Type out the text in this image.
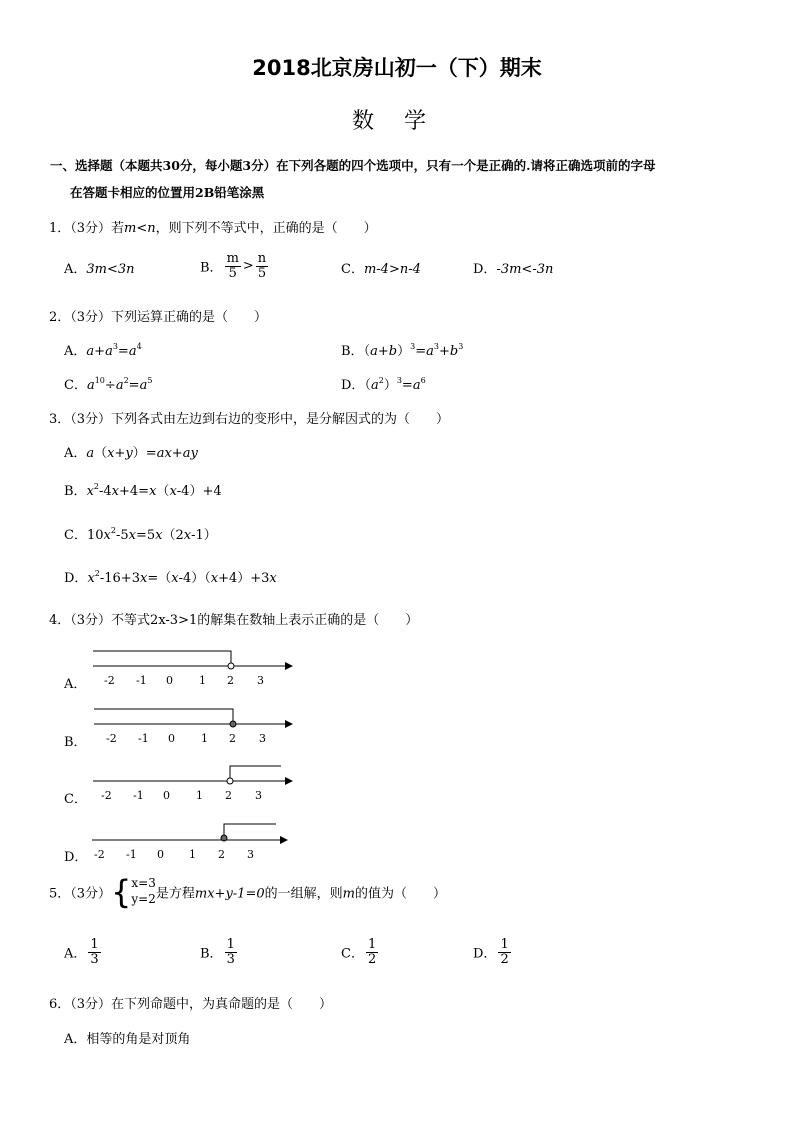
2018北京房山初一（下）期末
数学
一、选择题（本题共30分，每小题3分）在下列各题的四个选项中，只有一个是正确的.请将正确选项前的字母
在答题卡相应的位置用2B铅笔涂黑
1．（3分）若m<n，则下列不等式中，正确的是（　　）
A．3m<3n	B． $\frac{m}{5} > \frac{n}{5}$	C．m-4>n-4	D．-3m<-3n
2．（3分）下列运算正确的是（　　）
A．$a+a^3=a^4$	B．$(a+b)^3=a^3+b^3$
C．$a^{10}\div a^2=a^5$	D．$(a^2)^3=a^6$
3．（3分）下列各式由左边到右边的变形中，是分解因式的为（　　）
A．a（x+y）=ax+ay
B．$x^2-4x+4=x(x-4)+4$
C．$10x^2-5x=5x(2x-1)$
D．$x^2-16+3x=(x-4)(x+4)+3x$
4．（3分）不等式2x-3>1的解集在数轴上表示正确的是（　　）
A． -2 -1 0 1 2 3
B． -2 -1 0 1 2 3
C． -2 -1 0 1 2 3
D． -2 -1 0 1 2 3
5．（3分）{ x=3
y=2 是方程mx+y-1=0的一组解，则m的值为（　　）
A． $\frac{1}{3}$	B． $\frac{1}{3}$	C． $\frac{1}{2}$	D． $\frac{1}{2}$
6．（3分）在下列命题中，为真命题的是（　　）
A．相等的角是对顶角
